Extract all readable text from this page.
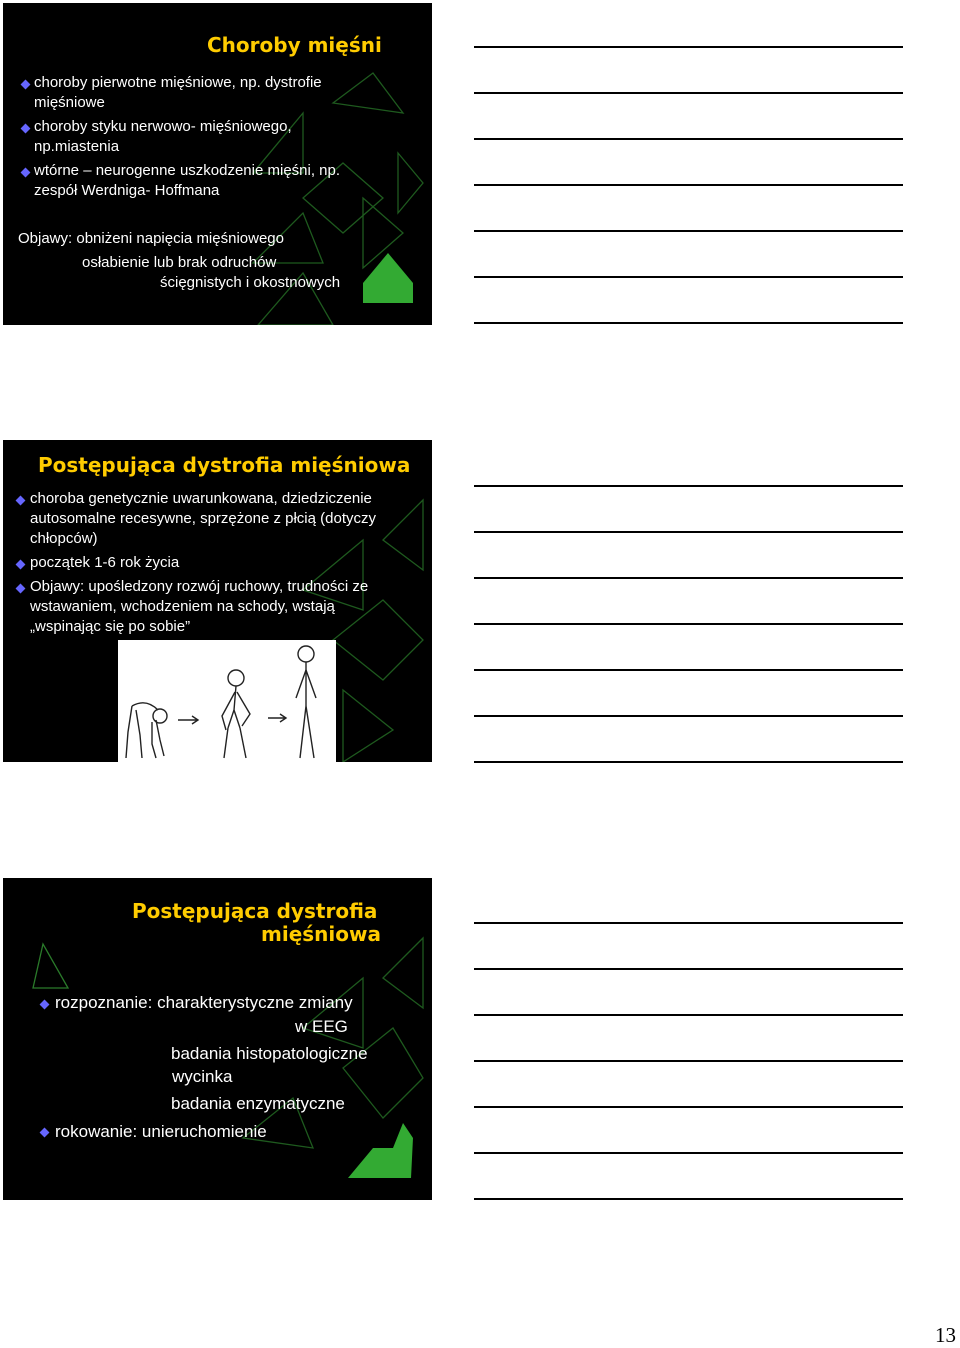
Choroby mięśni
choroby pierwotne mięśniowe, np. dystrofie
mięśniowe
choroby styku nerwowo- mięśniowego,
np.miastenia
wtórne – neurogenne uszkodzenie mięśni, np.
zespół Werdniga- Hoffmana
Objawy: obniżeni napięcia mięśniowego
osłabienie lub brak odruchów
ścięgnistych i okostnowych
Postępująca dystrofia mięśniowa
choroba genetycznie uwarunkowana, dziedziczenie
autosomalne recesywne, sprzężone z płcią (dotyczy
chłopców)
początek 1-6 rok życia
Objawy: upośledzony rozwój ruchowy, trudności ze
wstawaniem, wchodzeniem na schody, wstają
„wspinając się po sobie”
Postępująca dystrofia
mięśniowa
rozpoznanie: charakterystyczne zmiany
w EEG
badania histopatologiczne
wycinka
badania enzymatyczne
rokowanie: unieruchomienie
13
